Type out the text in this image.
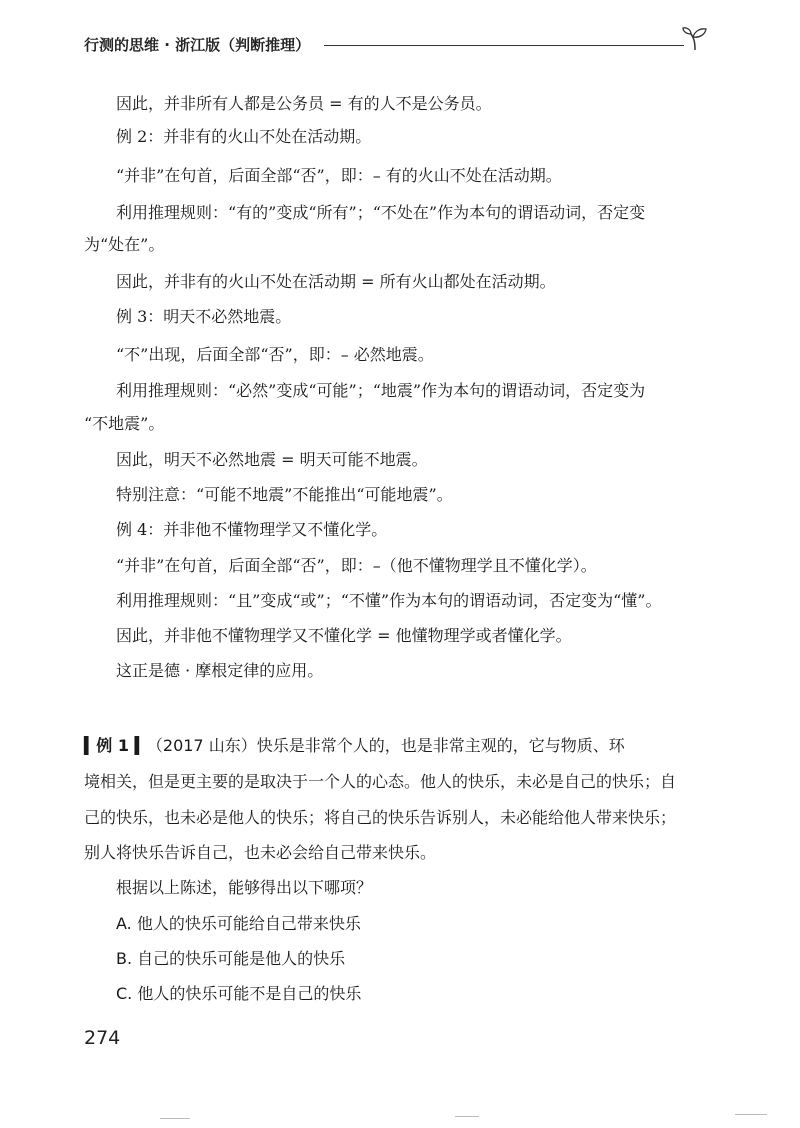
行测的思维 · 浙江版（判断推理）
因此，并非所有人都是公务员 = 有的人不是公务员。
例 2：并非有的火山不处在活动期。
“并非”在句首，后面全部“否”，即：– 有的火山不处在活动期。
利用推理规则：“有的”变成“所有”；“不处在”作为本句的谓语动词，否定变
为“处在”。
因此，并非有的火山不处在活动期 = 所有火山都处在活动期。
例 3：明天不必然地震。
“不”出现，后面全部“否”，即：– 必然地震。
利用推理规则：“必然”变成“可能”；“地震”作为本句的谓语动词，否定变为
“不地震”。
因此，明天不必然地震 = 明天可能不地震。
特别注意：“可能不地震”不能推出“可能地震”。
例 4：并非他不懂物理学又不懂化学。
“并非”在句首，后面全部“否”，即：–（他不懂物理学且不懂化学）。
利用推理规则：“且”变成“或”；“不懂”作为本句的谓语动词，否定变为“懂”。
因此，并非他不懂物理学又不懂化学 = 他懂物理学或者懂化学。
这正是德 · 摩根定律的应用。
▍例 1 ▍（2017 山东）快乐是非常个人的，也是非常主观的，它与物质、环
境相关，但是更主要的是取决于一个人的心态。他人的快乐，未必是自己的快乐；自
己的快乐，也未必是他人的快乐；将自己的快乐告诉别人，未必能给他人带来快乐；
别人将快乐告诉自己，也未必会给自己带来快乐。
根据以上陈述，能够得出以下哪项？
A. 他人的快乐可能给自己带来快乐
B. 自己的快乐可能是他人的快乐
C. 他人的快乐可能不是自己的快乐
274
